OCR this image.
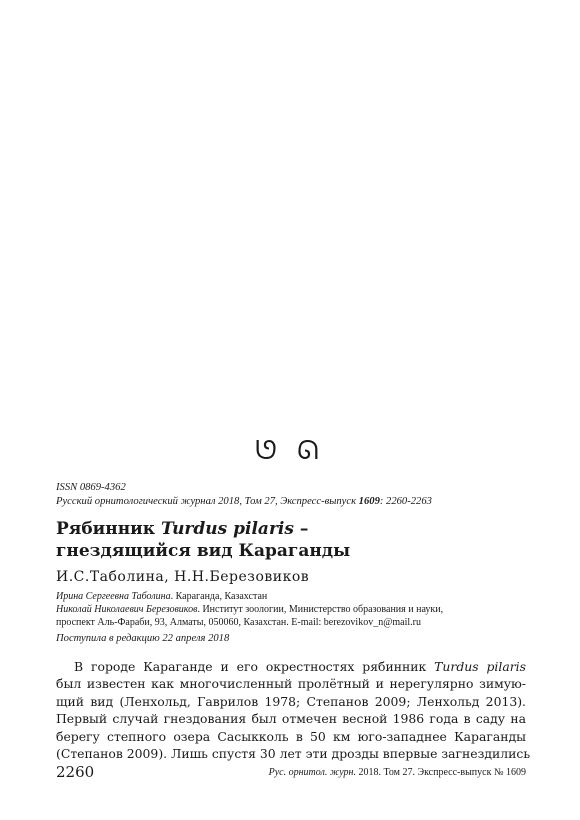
ᘎ ᘏ
ISSN 0869-4362
Русский орнитологический журнал 2018, Том 27, Экспресс-выпуск 1609: 2260-2263
Рябинник Turdus pilaris –
гнездящийся вид Караганды
И.С.Таболина, Н.Н.Березовиков
Ирина Сергеевна Таболина. Караганда, Казахстан
Николай Николаевич Березовиков. Институт зоологии, Министерство образования и науки,
проспект Аль-Фараби, 93, Алматы, 050060, Казахстан. E-mail: berezovikov_n@mail.ru
Поступила в редакцию 22 апреля 2018
В городе Караганде и его окрестностях рябинник Turdus pilaris
был известен как многочисленный пролётный и нерегулярно зимую-
щий вид (Ленхольд, Гаврилов 1978; Степанов 2009; Ленхольд 2013).
Первый случай гнездования был отмечен весной 1986 года в саду на
берегу степного озера Сасыкколь в 50 км юго-западнее Караганды
(Степанов 2009). Лишь спустя 30 лет эти дрозды впервые загнездились
2260	Рус. орнитол. журн. 2018. Том 27. Экспресс-выпуск № 1609
